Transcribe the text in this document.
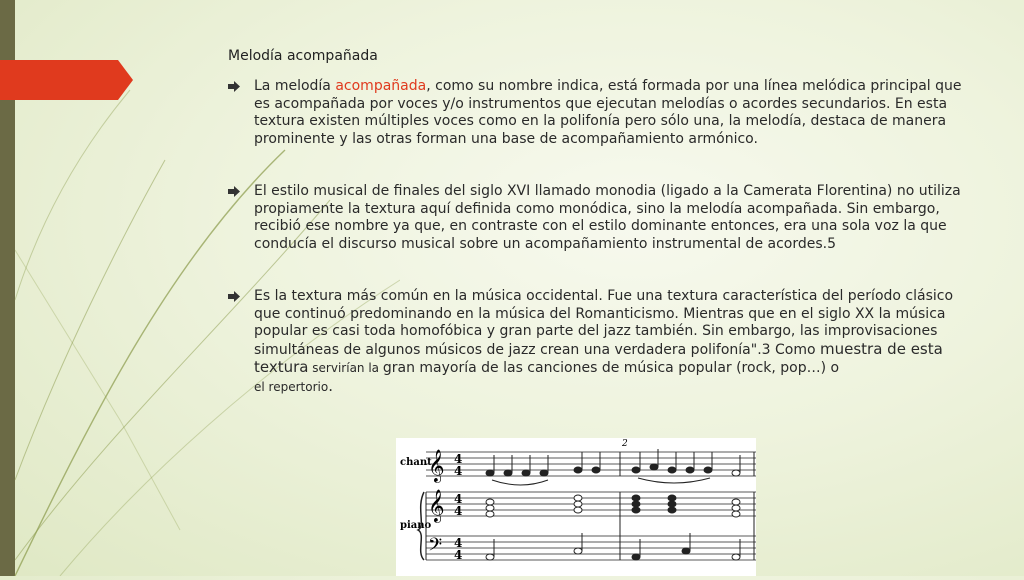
Melodía acompañada
La melodía acompañada, como su nombre indica, está formada por una línea melódica principal que es acompañada por voces y/o instrumentos que ejecutan melodías o acordes secundarios. En esta textura existen múltiples voces como en la polifonía pero sólo una, la melodía, destaca de manera prominente y las otras forman una base de acompañamiento armónico.
El estilo musical de finales del siglo XVI llamado monodia (ligado a la Camerata Florentina) no utiliza propiamente la textura aquí definida como monódica, sino la melodía acompañada. Sin embargo, recibió ese nombre ya que, en contraste con el estilo dominante entonces, era una sola voz la que conducía el discurso musical sobre un acompañamiento instrumental de acordes.5
Es la textura más común en la música occidental. Fue una textura característica del período clásico que continuó predominando en la música del Romanticismo. Mientras que en el siglo XX la música popular es casi toda homofóbica y gran parte del jazz también. Sin embargo, las improvisaciones simultáneas de algunos músicos de jazz crean una verdadera polifonía".3 Como muestra de esta textura servirían la gran mayoría de las canciones de música popular (rock, pop…) o
el repertorio.
chant
piano
2
𝄞
𝄞
𝄢
4
4
4
4
4
4
